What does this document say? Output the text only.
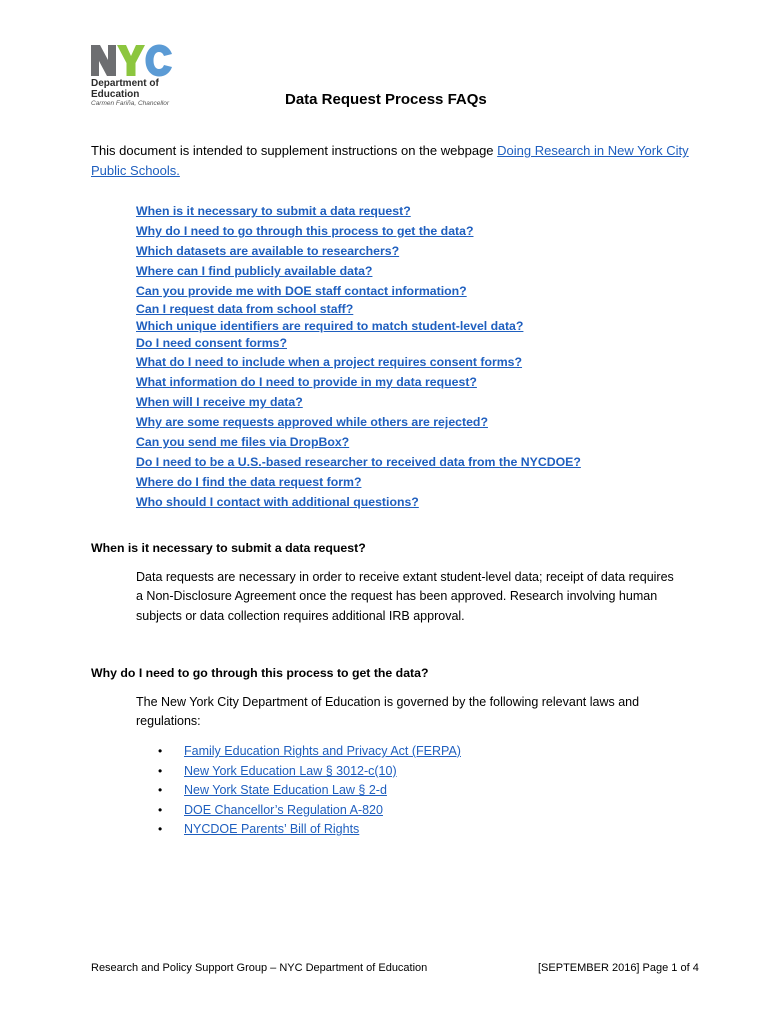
Department of
Education
Carmen Fariña, Chancellor	Data Request Process FAQs
This document is intended to supplement instructions on the webpage Doing Research in New York City Public Schools.
When is it necessary to submit a data request?
Why do I need to go through this process to get the data?
Which datasets are available to researchers?
Where can I find publicly available data?
Can you provide me with DOE staff contact information?
Can I request data from school staff?
Which unique identifiers are required to match student-level data?
Do I need consent forms?
What do I need to include when a project requires consent forms?
What information do I need to provide in my data request?
When will I receive my data?
Why are some requests approved while others are rejected?
Can you send me files via DropBox?
Do I need to be a U.S.-based researcher to received data from the NYCDOE?
Where do I find the data request form?
Who should I contact with additional questions?
When is it necessary to submit a data request?
Data requests are necessary in order to receive extant student-level data; receipt of data requires a Non-Disclosure Agreement once the request has been approved. Research involving human subjects or data collection requires additional IRB approval.
Why do I need to go through this process to get the data?
The New York City Department of Education is governed by the following relevant laws and regulations:
• Family Education Rights and Privacy Act (FERPA)
• New York Education Law § 3012-c(10)
• New York State Education Law § 2-d
• DOE Chancellor’s Regulation A-820
• NYCDOE Parents’ Bill of Rights
Research and Policy Support Group – NYC Department of Education	[SEPTEMBER 2016] Page 1 of 4
